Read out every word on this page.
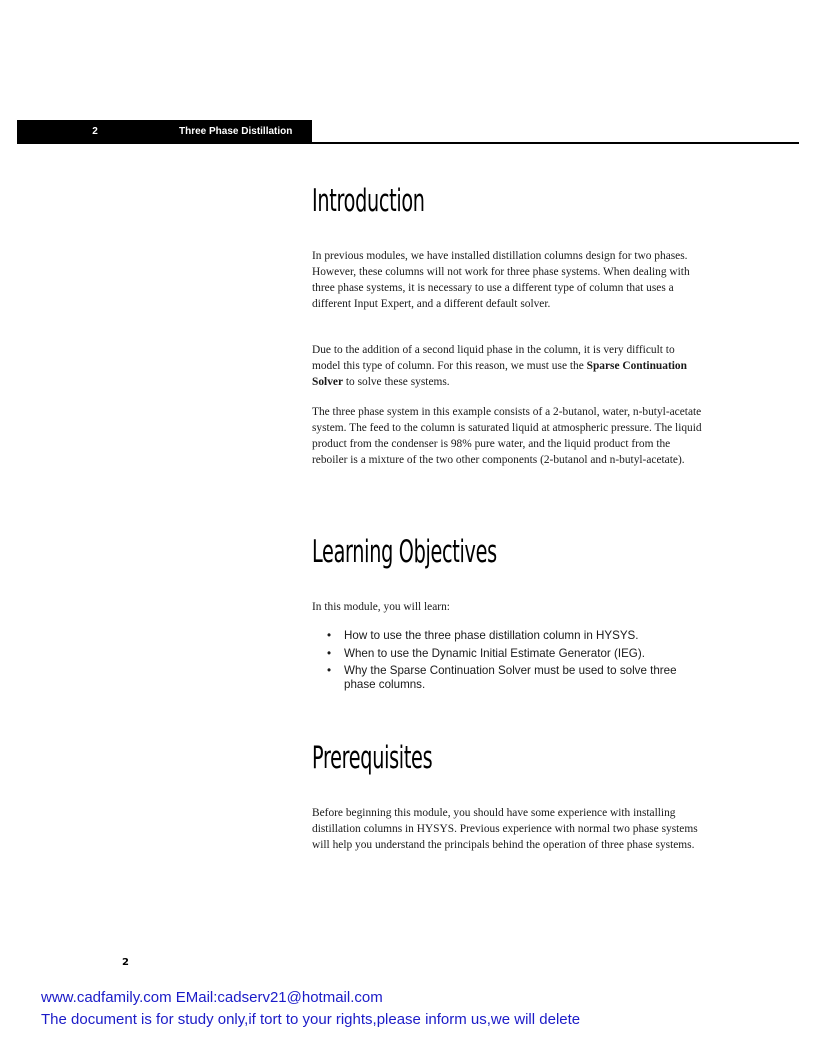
2	Three Phase Distillation
Introduction

In previous modules, we have installed distillation columns design for two phases. However, these columns will not work for three phase systems. When dealing with three phase systems, it is necessary to use a different type of column that uses a different Input Expert, and a different default solver.

Due to the addition of a second liquid phase in the column, it is very difficult to model this type of column. For this reason, we must use the Sparse Continuation Solver to solve these systems.

The three phase system in this example consists of a 2-butanol, water, n-butyl-acetate system. The feed to the column is saturated liquid at atmospheric pressure. The liquid product from the condenser is 98% pure water, and the liquid product from the reboiler is a mixture of the two other components (2-butanol and n-butyl-acetate).

Learning Objectives

In this module, you will learn:

• How to use the three phase distillation column in HYSYS.
• When to use the Dynamic Initial Estimate Generator (IEG).
• Why the Sparse Continuation Solver must be used to solve three phase columns.
Prerequisites

Before beginning this module, you should have some experience with installing distillation columns in HYSYS. Previous experience with normal two phase systems will help you understand the principals behind the operation of three phase systems.

2
www.cadfamily.com EMail:cadserv21@hotmail.com
The document is for study only,if tort to your rights,please inform us,we will delete
